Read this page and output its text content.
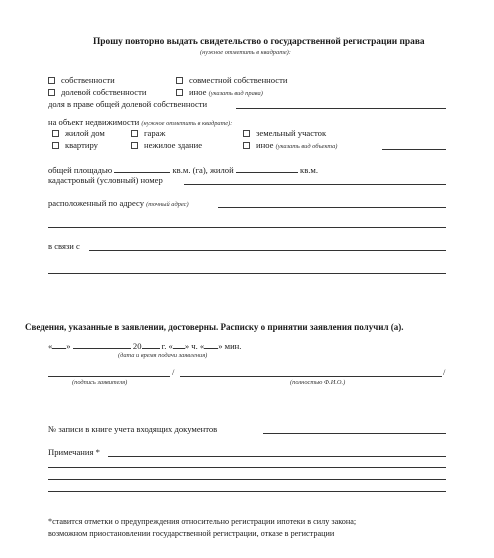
Прошу повторно выдать свидетельство о государственной регистрации права
(нужное отметить в квадрате):
собственности	совместной собственности
долевой собственности	иное (указать вид права)
доля в праве общей долевой собственности
на объект недвижимости (нужное отметить в квадрате):
жилой дом	гараж	земельный участок
квартиру	нежилое здание	иное (указать вид объекта)
общей площадью	кв.м. (га), жилой	кв.м.
кадастровый (условный) номер
расположенный по адресу (точный адрес)
в связи с
Сведения, указанные в заявлении, достоверны. Расписку о принятии заявления получил (а).
« »	20 г. « » ч. « » мин.
(дата и время подачи заявления)
/	/
(подпись заявителя)	(полностью Ф.И.О.)
№ записи в книге учета входящих документов
Примечания *
*ставится отметки о предупреждения относительно регистрации ипотеки в силу закона;
возможном приостановлении государственной регистрации, отказе в регистрации
